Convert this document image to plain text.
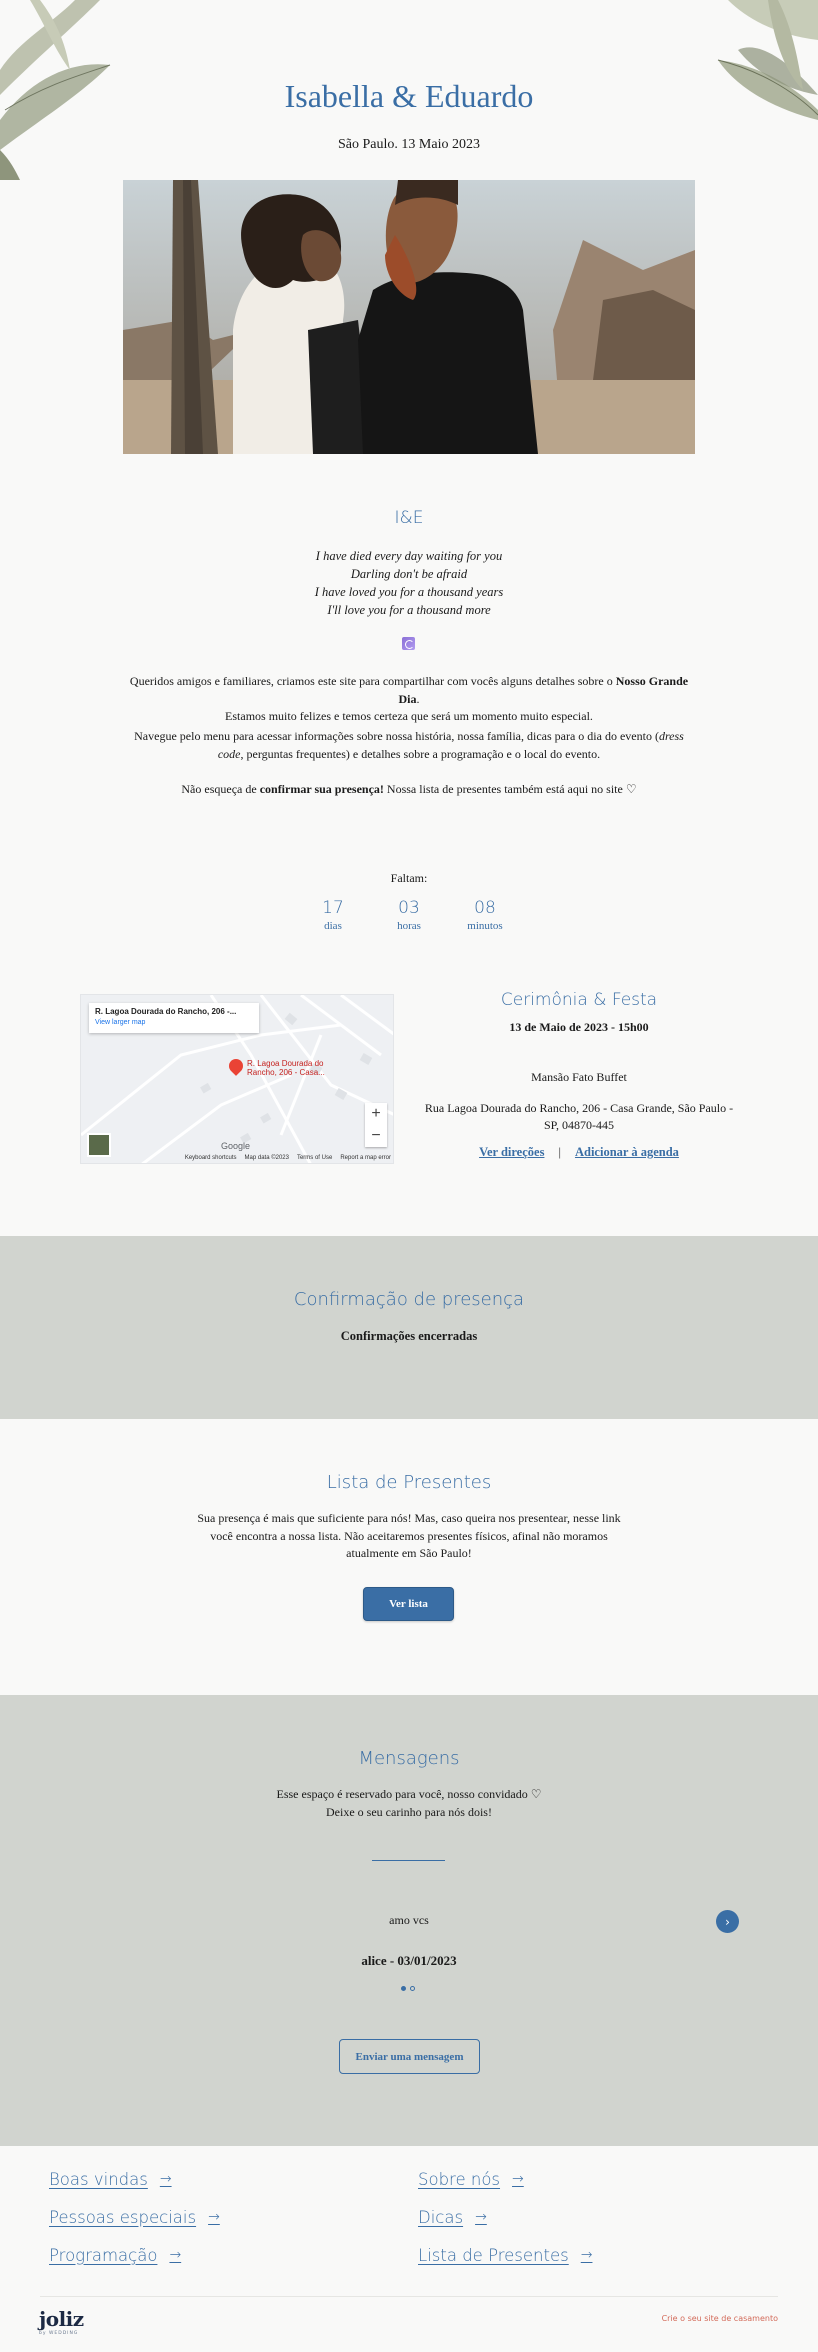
Isabella & Eduardo
São Paulo. 13 Maio 2023
I&E
I have died every day waiting for you
Darling don't be afraid
I have loved you for a thousand years
I'll love you for a thousand more
Queridos amigos e familiares, criamos este site para compartilhar com vocês alguns detalhes sobre o Nosso Grande Dia.
Estamos muito felizes e temos certeza que será um momento muito especial.
Navegue pelo menu para acessar informações sobre nossa história, nossa família, dicas para o dia do evento (dress code, perguntas frequentes) e detalhes sobre a programação e o local do evento.
Não esqueça de confirmar sua presença! Nossa lista de presentes também está aqui no site ♡
Faltam:
17
dias
03
horas
08
minutos
R. Lagoa Dourada do Rancho, 206 -...
View larger map
R. Lagoa Dourada do Rancho, 206 - Casa...
+
−
Google
Keyboard shortcuts Map data ©2023 Terms of Use Report a map error
Cerimônia & Festa
13 de Maio de 2023 - 15h00
Mansão Fato Buffet
Rua Lagoa Dourada do Rancho, 206 - Casa Grande, São Paulo - SP, 04870-445
Ver direções | Adicionar à agenda
Confirmação de presença
Confirmações encerradas
Lista de Presentes
Sua presença é mais que suficiente para nós! Mas, caso queira nos presentear, nesse link você encontra a nossa lista. Não aceitaremos presentes físicos, afinal não moramos atualmente em São Paulo!
Ver lista
Mensagens
Esse espaço é reservado para você, nosso convidado ♡
Deixe o seu carinho para nós dois!
amo vcs
alice - 03/01/2023
›
Enviar uma mensagem
Boas vindas →	Sobre nós →
Pessoas especiais →	Dicas →
Programação →	Lista de Presentes →
joliz
by WEDDING
Crie o seu site de casamento
